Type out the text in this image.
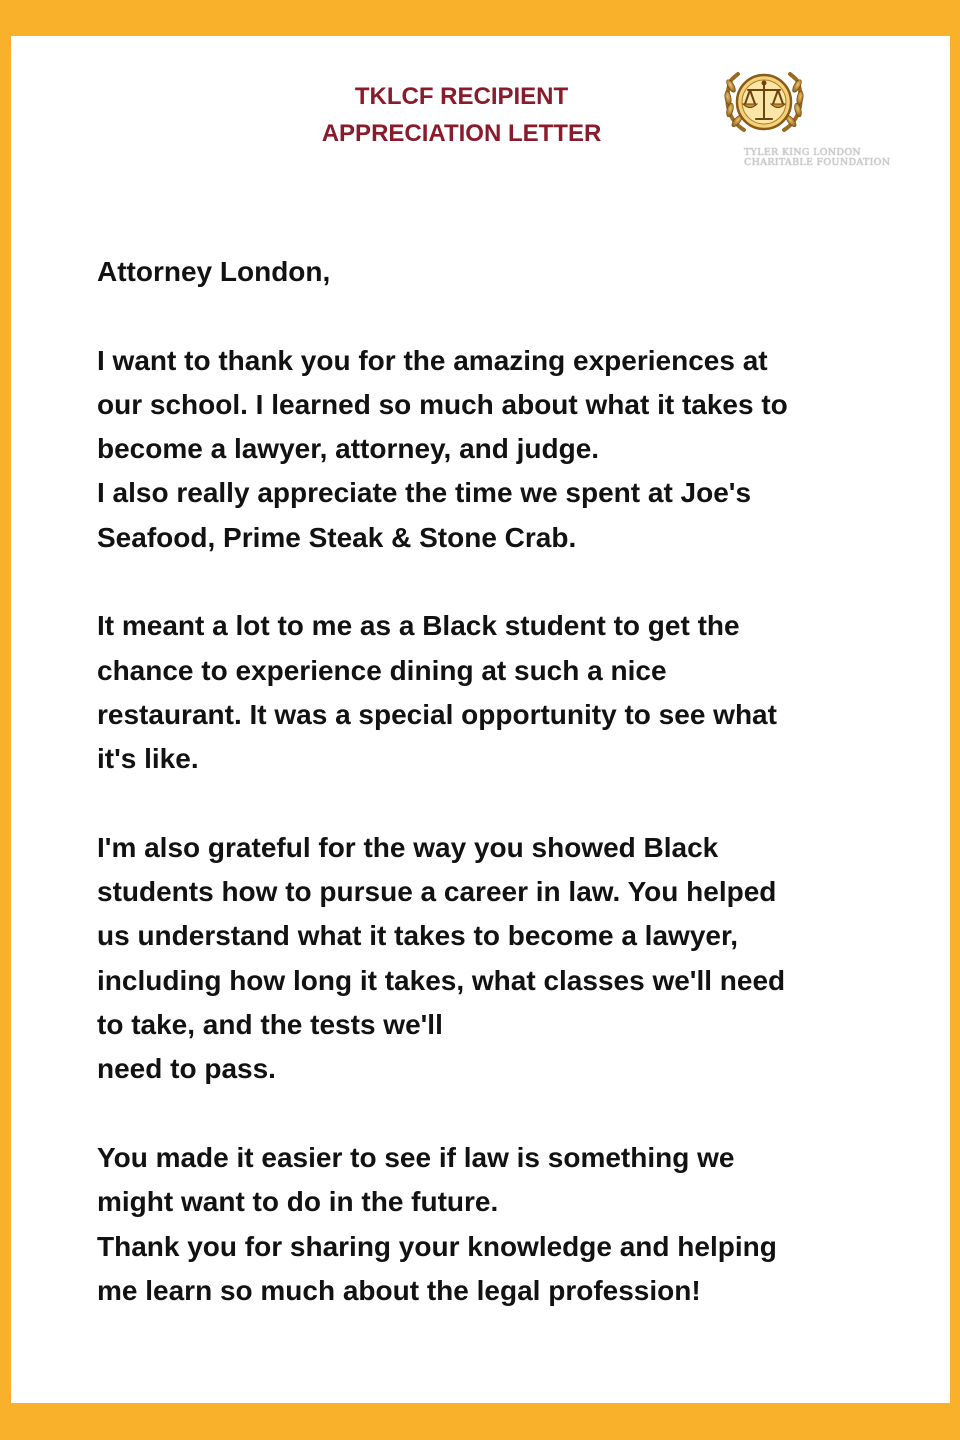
TKLCF RECIPIENT
APPRECIATION LETTER
TYLER KING LONDON
CHARITABLE FOUNDATION

Attorney London,

I want to thank you for the amazing experiences at
our school. I learned so much about what it takes to
become a lawyer, attorney, and judge.
I also really appreciate the time we spent at Joe's
Seafood, Prime Steak & Stone Crab.

It meant a lot to me as a Black student to get the
chance to experience dining at such a nice
restaurant. It was a special opportunity to see what
it's like.

I'm also grateful for the way you showed Black
students how to pursue a career in law. You helped
us understand what it takes to become a lawyer,
including how long it takes, what classes we'll need
to take, and the tests we'll
need to pass.

You made it easier to see if law is something we
might want to do in the future.
Thank you for sharing your knowledge and helping
me learn so much about the legal profession!
